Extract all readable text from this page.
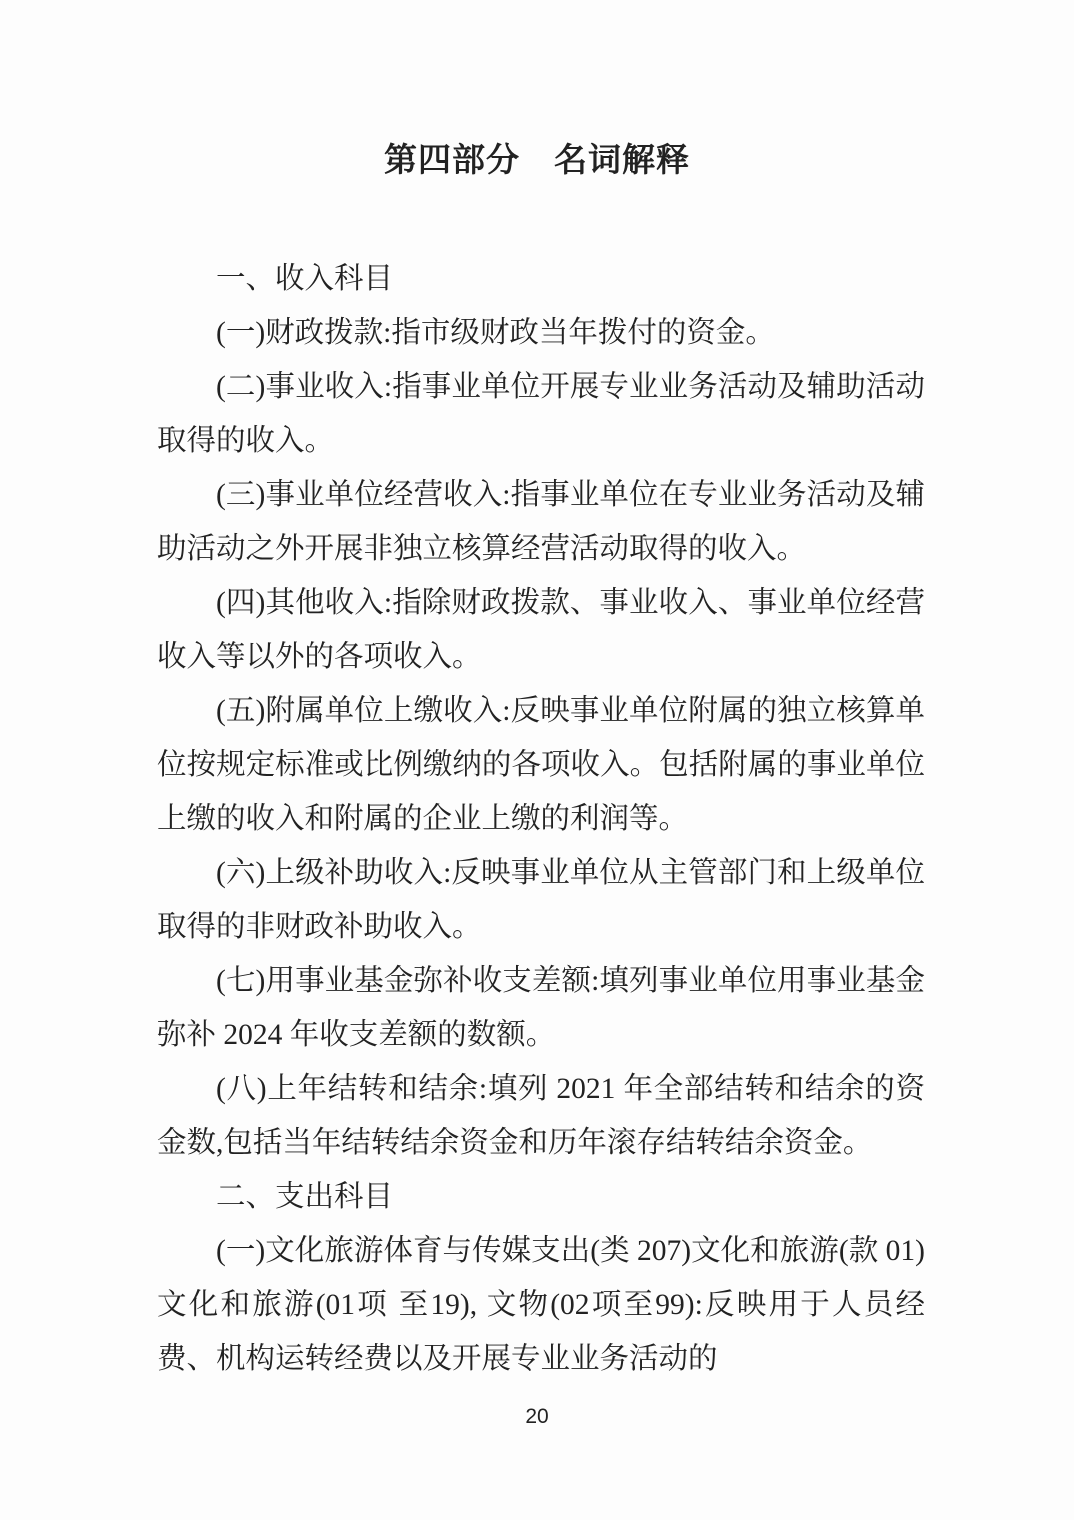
第四部分　名词解释

一、收入科目

(一)财政拨款:指市级财政当年拨付的资金。

(二)事业收入:指事业单位开展专业业务活动及辅助活动取得的收入。

(三)事业单位经营收入:指事业单位在专业业务活动及辅助活动之外开展非独立核算经营活动取得的收入。

(四)其他收入:指除财政拨款、事业收入、事业单位经营收入等以外的各项收入。

(五)附属单位上缴收入:反映事业单位附属的独立核算单位按规定标准或比例缴纳的各项收入。包括附属的事业单位上缴的收入和附属的企业上缴的利润等。

(六)上级补助收入:反映事业单位从主管部门和上级单位取得的非财政补助收入。

(七)用事业基金弥补收支差额:填列事业单位用事业基金弥补 2024 年收支差额的数额。

(八)上年结转和结余:填列 2021 年全部结转和结余的资金数,包括当年结转结余资金和历年滚存结转结余资金。

二、支出科目

(一)文化旅游体育与传媒支出(类 207)文化和旅游(款 01)文化和旅游(01项 至19), 文物(02项至99):反映用于人员经费、机构运转经费以及开展专业业务活动的

20
